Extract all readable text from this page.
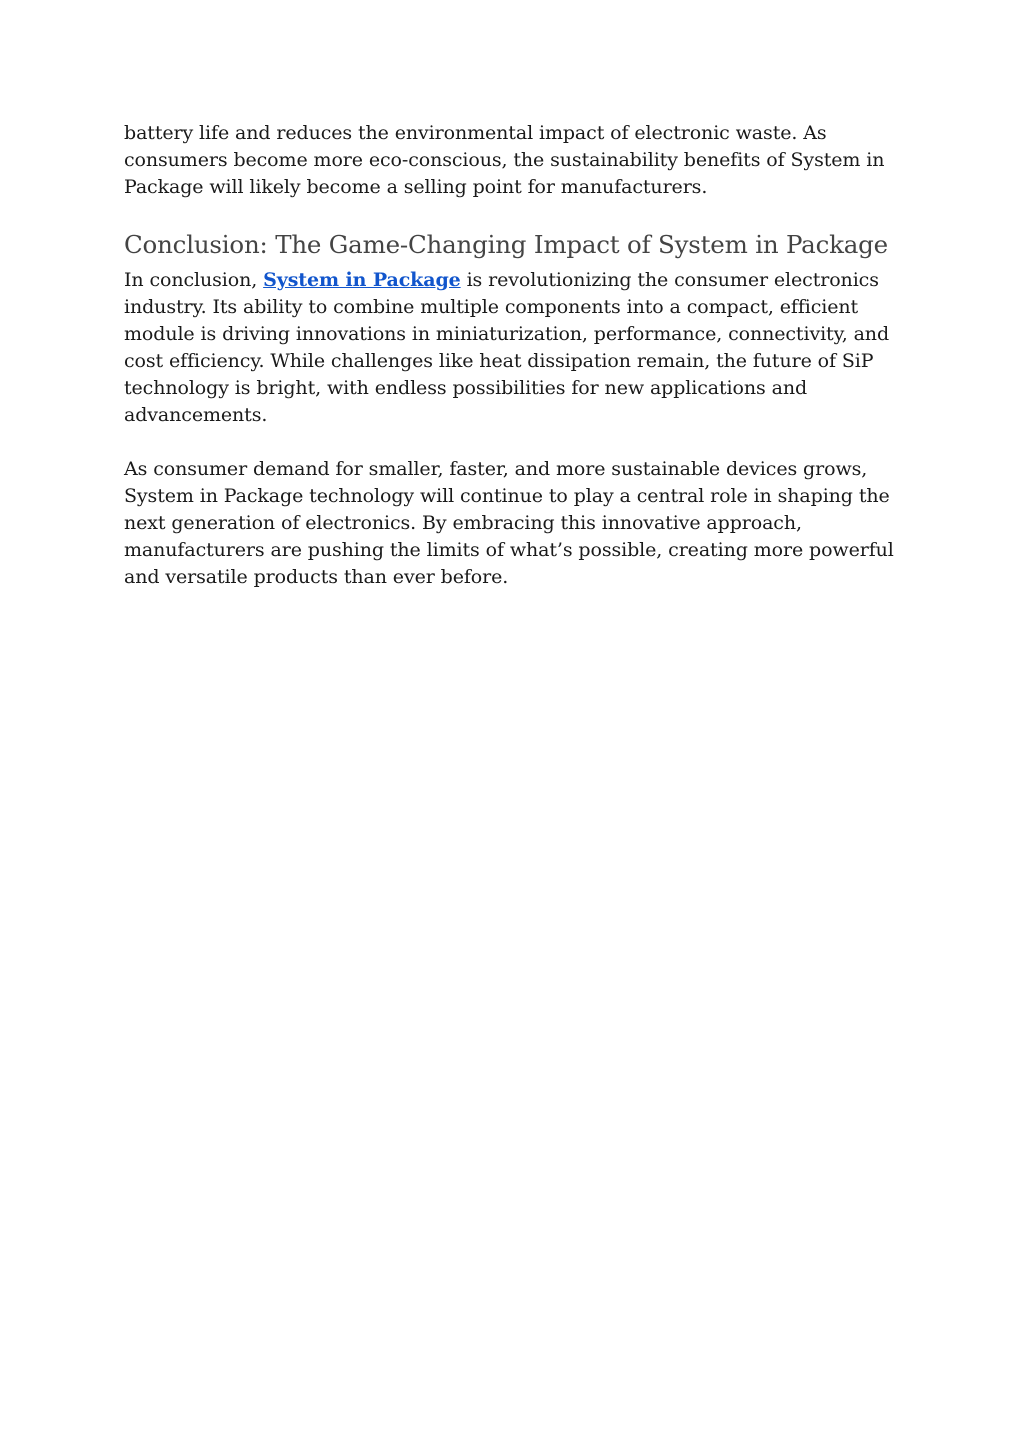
battery life and reduces the environmental impact of electronic waste. As consumers become more eco-conscious, the sustainability benefits of System in Package will likely become a selling point for manufacturers.

Conclusion: The Game-Changing Impact of System in Package

In conclusion, System in Package is revolutionizing the consumer electronics industry. Its ability to combine multiple components into a compact, efficient module is driving innovations in miniaturization, performance, connectivity, and cost efficiency. While challenges like heat dissipation remain, the future of SiP technology is bright, with endless possibilities for new applications and advancements.

As consumer demand for smaller, faster, and more sustainable devices grows, System in Package technology will continue to play a central role in shaping the next generation of electronics. By embracing this innovative approach, manufacturers are pushing the limits of what’s possible, creating more powerful and versatile products than ever before.
